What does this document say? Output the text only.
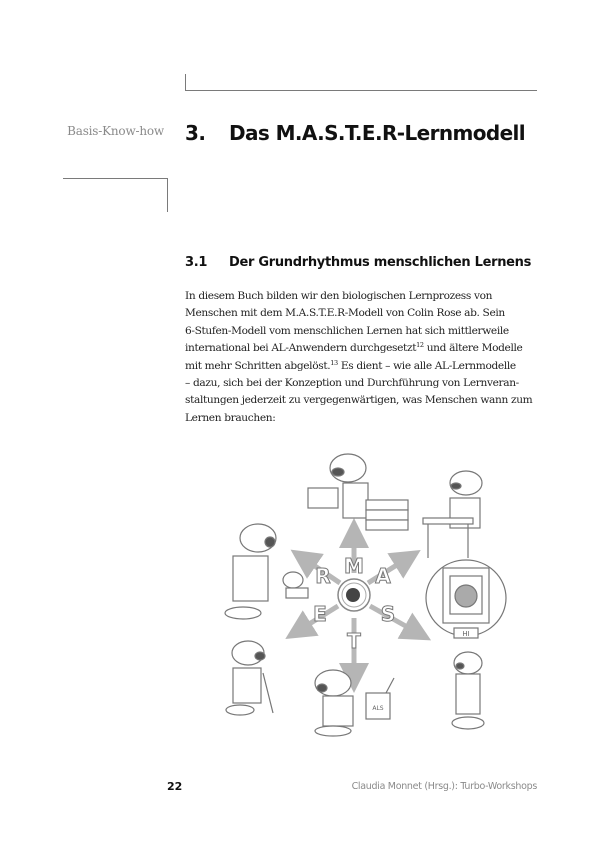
Basis-Know-how 3. Das M.A.S.T.E.R-Lernmodell
3.1 Der Grundrhythmus menschlichen Lernens
In diesem Buch bilden wir den biologischen Lernprozess von
Menschen mit dem M.A.S.T.E.R-Modell von Colin Rose ab. Sein
6-Stufen-Modell vom menschlichen Lernen hat sich mittlerweile
international bei AL-Anwendern durchgesetzt$^{12}$ und ältere Modelle
mit mehr Schritten abgelöst.$^{13}$ Es dient – wie alle AL-Lernmodelle
– dazu, sich bei der Konzeption und Durchführung von Lernveran-
staltungen jederzeit zu vergegenwärtigen, was Menschen wann zum
Lernen brauchen:
M A
S
T
E
R
HI
ALS
22	Claudia Monnet (Hrsg.): Turbo-Workshops
